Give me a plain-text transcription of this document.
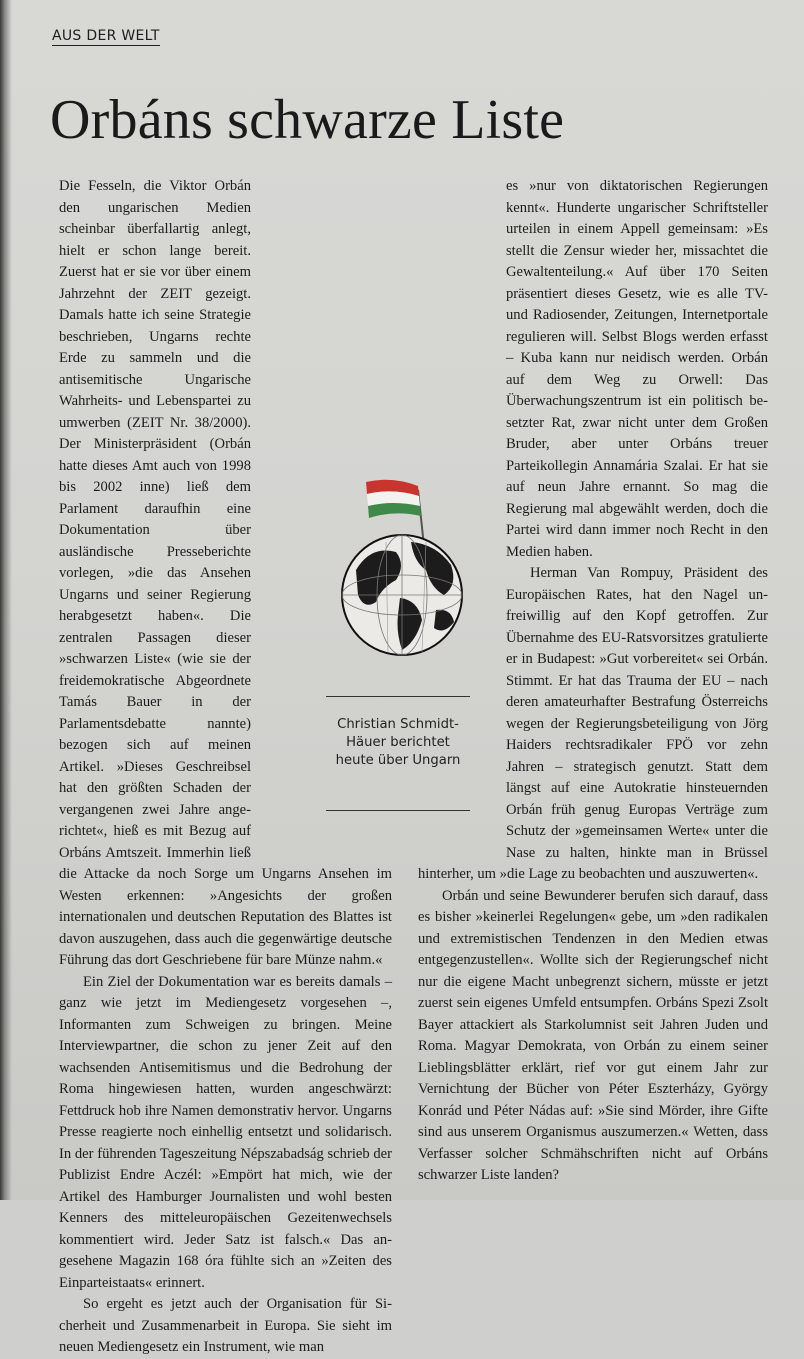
AUS DER WELT
Orbáns schwarze Liste

Die Fesseln, die Viktor Orbán den ungarischen Medien scheinbar überfallartig anlegt, hielt er schon lange bereit. Zuerst hat er sie vor über einem Jahrzehnt der ZEIT gezeigt. Damals hatte ich seine Strategie beschrieben, Ungarns rechte Erde zu sammeln und die antisemitische Ungarische Wahrheits- und Lebenspartei zu umwerben (ZEIT Nr. 38/2000). Der Ministerpräsident (Orbán hatte dieses Amt auch von 1998 bis 2002 inne) ließ dem Parlament daraufhin eine Dokumentation über ausländische Presseberichte vorlegen, »die das Ansehen Ungarns und seiner Regierung herabgesetzt haben«. Die zentralen Passagen dieser »schwarzen Liste« (wie sie der freidemokratische Abgeordnete Tamás Bauer in der Parlamentsdebatte nannte) bezogen sich auf meinen Artikel. »Dieses Geschreibsel hat den größten Schaden der vergangenen zwei Jahre angerichtet«, hieß es mit Bezug auf Orbáns Amtszeit. Immerhin ließ die Attacke da noch Sorge um Ungarns Ansehen im Westen erkennen: »Angesichts der großen internationalen und deutschen Reputation des Blattes ist davon auszugehen, dass auch die gegenwärtige deutsche Führung das dort Geschriebene für bare Münze nahm.«

Ein Ziel der Dokumentation war es bereits damals – ganz wie jetzt im Mediengesetz vorgesehen –, Informanten zum Schweigen zu bringen. Meine Interviewpartner, die schon zu jener Zeit auf den wachsenden Antisemitismus und die Bedrohung der Roma hingewiesen hatten, wurden angeschwärzt: Fettdruck hob ihre Namen demonstrativ hervor. Ungarns Presse reagierte noch einhellig entsetzt und solidarisch. In der führenden Tageszeitung Népszabadság schrieb der Publizist Endre Aczél: »Empört hat mich, wie der Artikel des Hamburger Journalisten und wohl besten Kenners des mitteleuropäischen Gezeitenwechsels kommentiert wird. Jeder Satz ist falsch.« Das angesehene Magazin 168 óra fühlte sich an »Zeiten des Einparteistaats« erinnert.

So ergeht es jetzt auch der Organisation für Sicherheit und Zusammenarbeit in Europa. Sie sieht im neuen Mediengesetz ein Instrument, wie man

es »nur von diktatorischen Regierungen kennt«. Hunderte ungarischer Schriftsteller urteilen in einem Appell gemeinsam: »Es stellt die Zensur wieder her, missachtet die Gewaltenteilung.« Auf über 170 Seiten präsentiert dieses Gesetz, wie es alle TV- und Radiosender, Zeitungen, Internetportale regulieren will. Selbst Blogs werden erfasst – Kuba kann nur neidisch werden. Orbán auf dem Weg zu Orwell: Das Überwachungszentrum ist ein politisch besetzter Rat, zwar nicht unter dem Großen Bruder, aber unter Orbáns treuer Parteikollegin Annamária Szalai. Er hat sie auf neun Jahre ernannt. So mag die Regierung mal abgewählt werden, doch die Partei wird dann immer noch Recht in den Medien haben.

Herman Van Rompuy, Präsident des Europäischen Rates, hat den Nagel unfreiwillig auf den Kopf getroffen. Zur Übernahme des EU-Ratsvorsitzes gratulierte er in Budapest: »Gut vorbereitet« sei Orbán. Stimmt. Er hat das Trauma der EU – nach deren amateurhafter Bestrafung Österreichs wegen der Regierungsbeteiligung von Jörg Haiders rechtsradikaler FPÖ vor zehn Jahren – strategisch genutzt. Statt dem längst auf eine Autokratie hinsteuernden Orbán früh genug Europas Verträge zum Schutz der »gemeinsamen Werte« unter die Nase zu halten, hinkte man in Brüssel hinterher, um »die Lage zu beobachten und auszuwerten«.

Orbán und seine Bewunderer berufen sich darauf, dass es bisher »keinerlei Regelungen« gebe, um »den radikalen und extremistischen Tendenzen in den Medien etwas entgegenzustellen«. Wollte sich der Regierungschef nicht nur die eigene Macht unbegrenzt sichern, müsste er jetzt zuerst sein eigenes Umfeld entsumpfen. Orbáns Spezi Zsolt Bayer attackiert als Starkolumnist seit Jahren Juden und Roma. Magyar Demokrata, von Orbán zu einem seiner Lieblingsblätter erklärt, rief vor gut einem Jahr zur Vernichtung der Bücher von Péter Eszterházy, György Konrád und Péter Nádas auf: »Sie sind Mörder, ihre Gifte sind aus unserem Organismus auszumerzen.« Wetten, dass Verfasser solcher Schmähschriften nicht auf Orbáns schwarzer Liste landen?

Christian Schmidt-Häuer berichtet heute über Ungarn
